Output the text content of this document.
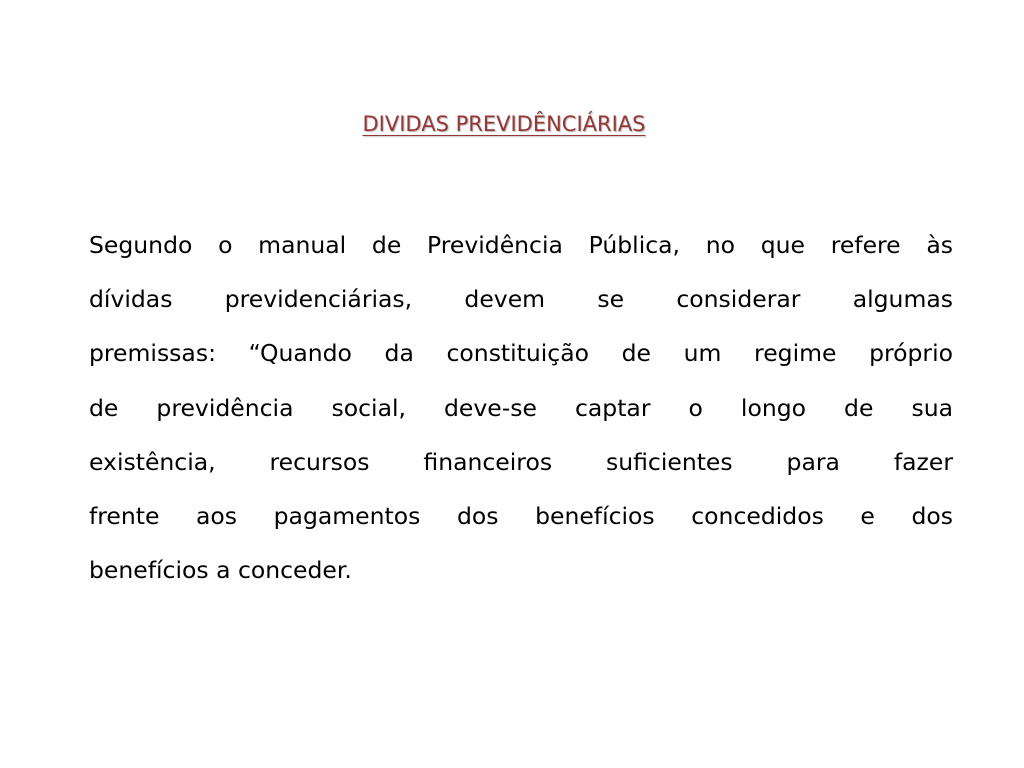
DIVIDAS PREVIDÊNCIÁRIAS
Segundo o manual de Previdência Pública, no que refere às
dívidas previdenciárias, devem se considerar algumas
premissas: “Quando da constituição de um regime próprio
de previdência social, deve-se captar o longo de sua
existência, recursos financeiros suficientes para fazer
frente aos pagamentos dos benefícios concedidos e dos
benefícios a conceder.
